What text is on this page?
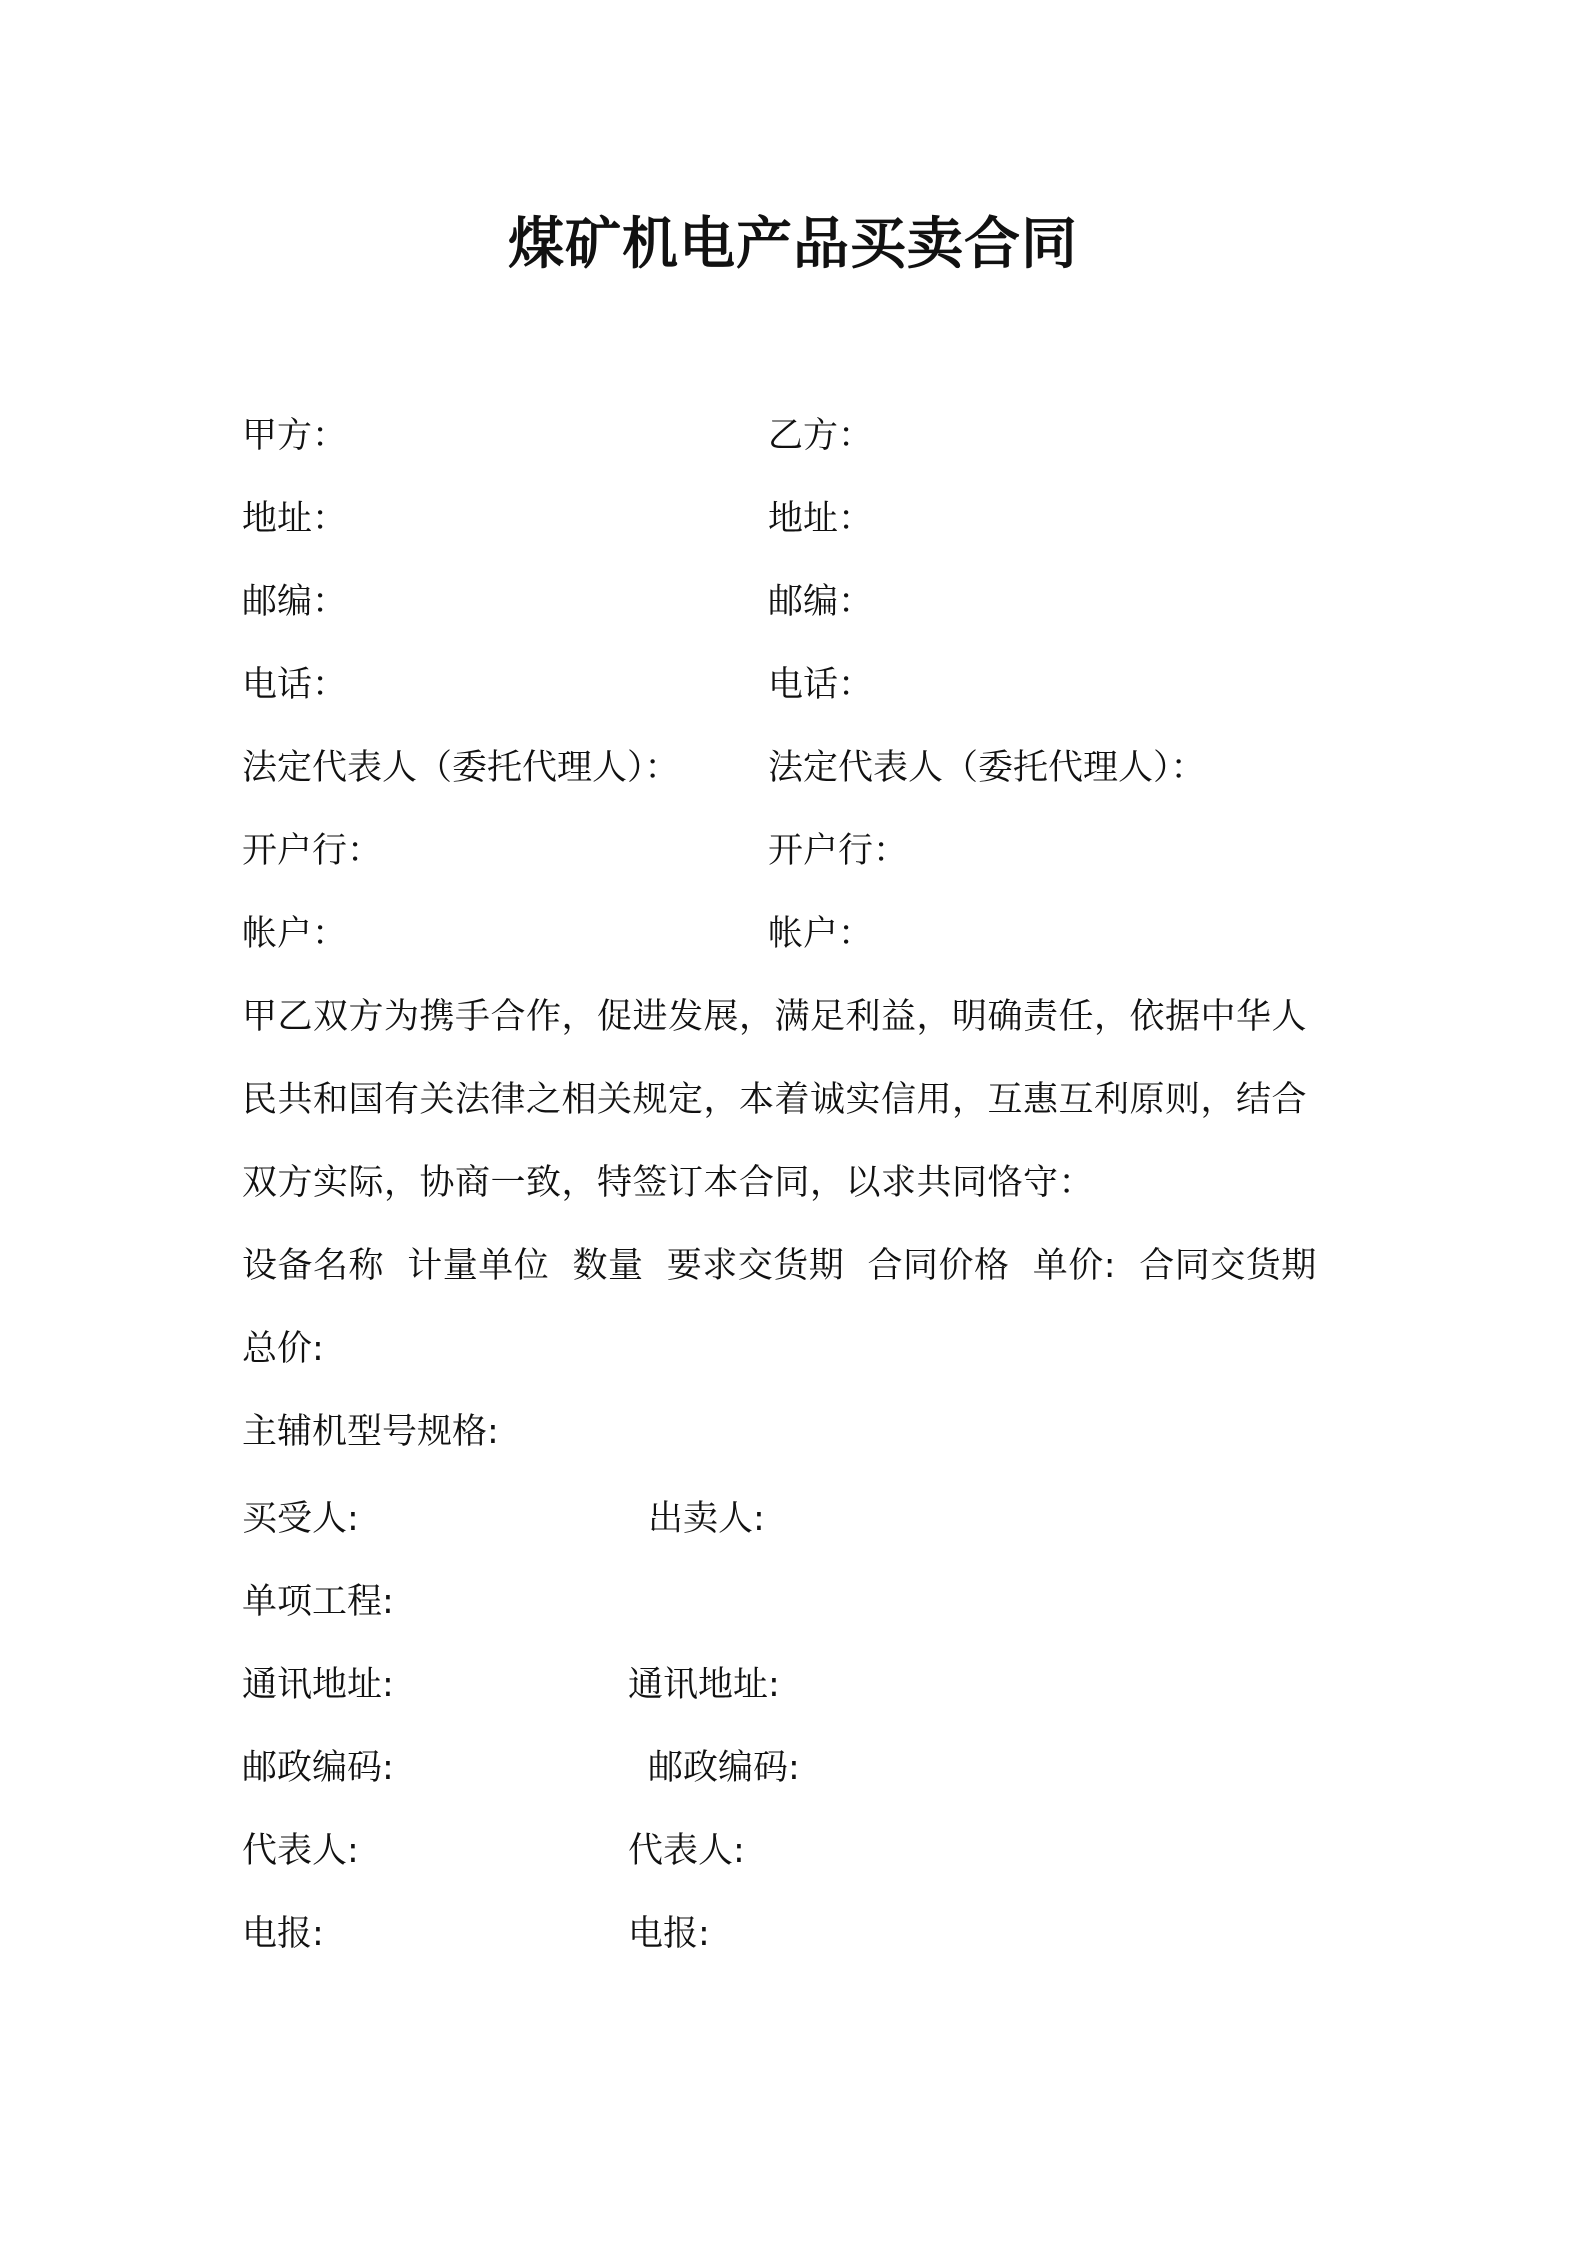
煤矿机电产品买卖合同
甲方：	乙方：
地址：	地址：
邮编：	邮编：
电话：	电话：
法定代表人（委托代理人）：	法定代表人（委托代理人）：
开户行：	开户行：
帐户：	帐户：
甲乙双方为携手合作，促进发展，满足利益，明确责任，依据中华人
民共和国有关法律之相关规定，本着诚实信用，互惠互利原则，结合
双方实际，协商一致，特签订本合同，以求共同恪守：
设备名称  计量单位  数量  要求交货期  合同价格  单价:  合同交货期
总价:
主辅机型号规格:
买受人:	出卖人:
单项工程:
通讯地址:	通讯地址:
邮政编码:	邮政编码:
代表人:	代表人:
电报:	电报:
